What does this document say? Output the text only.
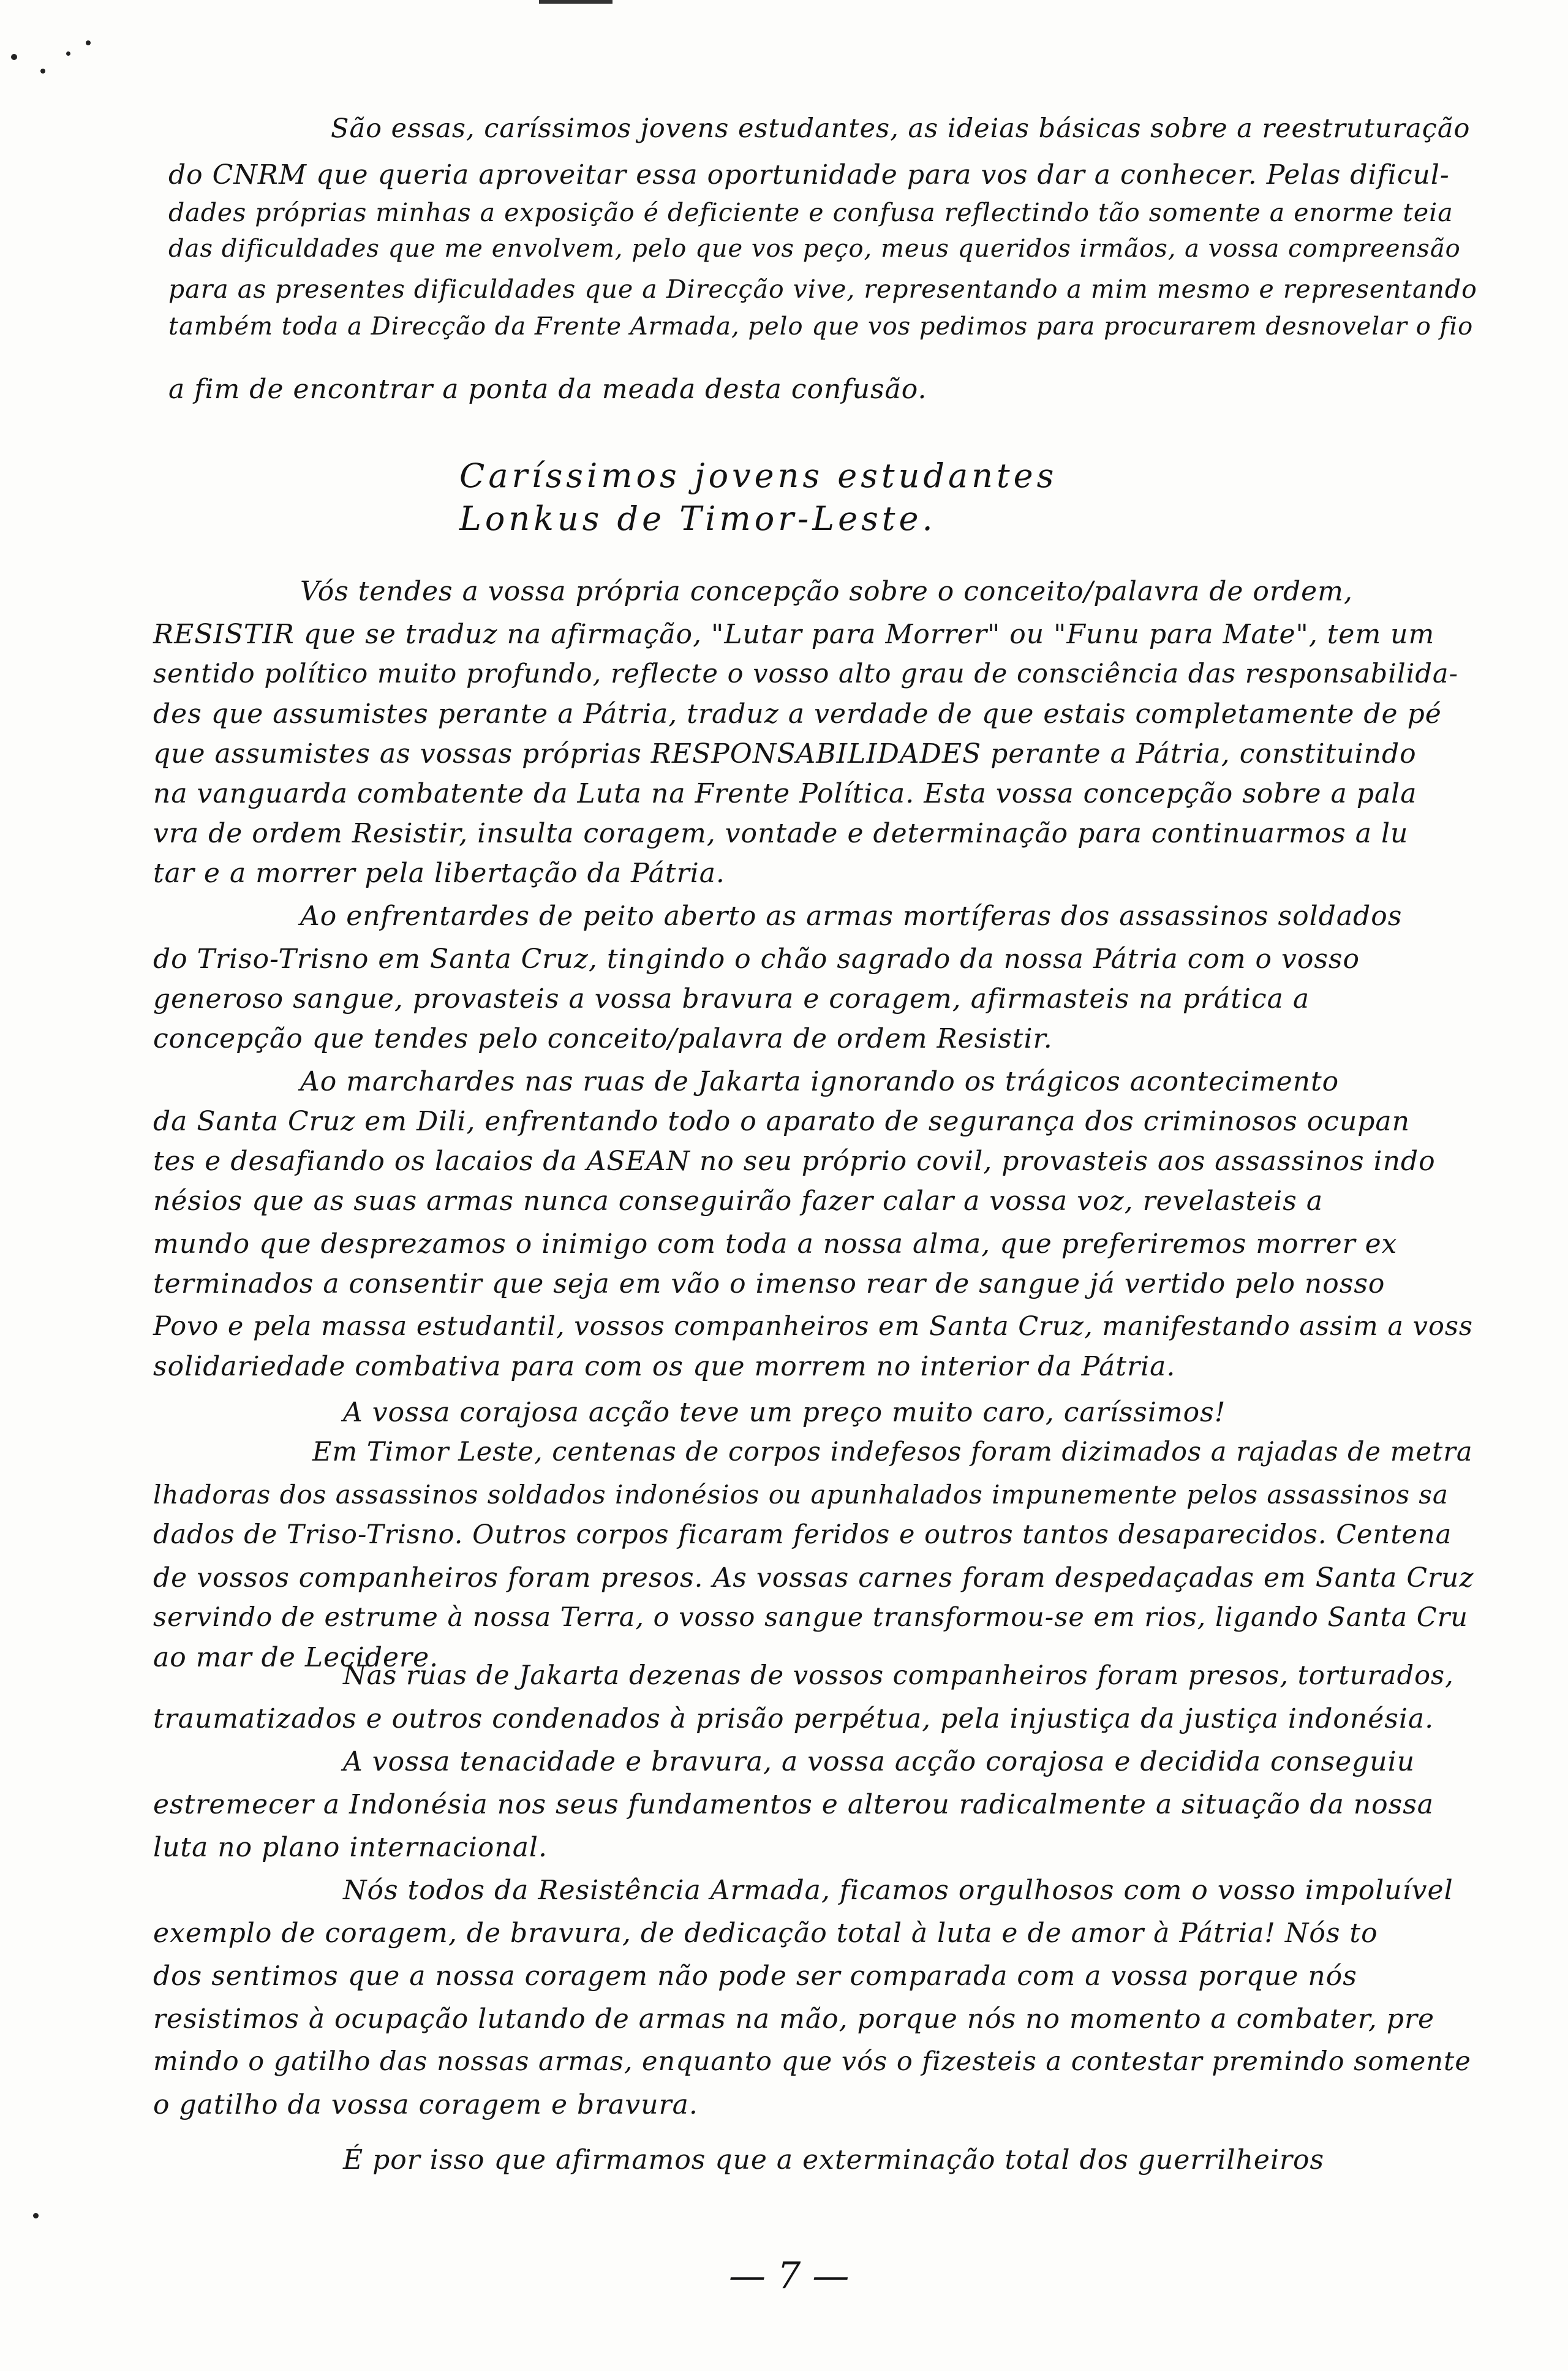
São essas, caríssimos jovens estudantes, as ideias básicas sobre a reestruturação
do CNRM que queria aproveitar essa oportunidade para vos dar a conhecer. Pelas dificul-
dades próprias minhas a exposição é deficiente e confusa reflectindo tão somente a enorme teia
das dificuldades que me envolvem, pelo que vos peço, meus queridos irmãos, a vossa compreensão
para as presentes dificuldades que a Direcção vive, representando a mim mesmo e representando
também toda a Direcção da Frente Armada, pelo que vos pedimos para procurarem desnovelar o fio
a fim de encontrar a ponta da meada desta confusão.
Caríssimos jovens estudantes
Lonkus de Timor-Leste.
Vós tendes a vossa própria concepção sobre o conceito/palavra de ordem,
RESISTIR que se traduz na afirmação, "Lutar para Morrer" ou "Funu para Mate", tem um
sentido político muito profundo, reflecte o vosso alto grau de consciência das responsabilida-
des que assumistes perante a Pátria, traduz a verdade de que estais completamente de pé
que assumistes as vossas próprias RESPONSABILIDADES perante a Pátria, constituindo
na vanguarda combatente da Luta na Frente Política. Esta vossa concepção sobre a pala
vra de ordem Resistir, insulta coragem, vontade e determinação para continuarmos a lu
tar e a morrer pela libertação da Pátria.
Ao enfrentardes de peito aberto as armas mortíferas dos assassinos soldados
do Triso-Trisno em Santa Cruz, tingindo o chão sagrado da nossa Pátria com o vosso
generoso sangue, provasteis a vossa bravura e coragem, afirmasteis na prática a
concepção que tendes pelo conceito/palavra de ordem Resistir.
Ao marchardes nas ruas de Jakarta ignorando os trágicos acontecimento
da Santa Cruz em Dili, enfrentando todo o aparato de segurança dos criminosos ocupan
tes e desafiando os lacaios da ASEAN no seu próprio covil, provasteis aos assassinos indo
nésios que as suas armas nunca conseguirão fazer calar a vossa voz, revelasteis a
mundo que desprezamos o inimigo com toda a nossa alma, que preferiremos morrer ex
terminados a consentir que seja em vão o imenso rear de sangue já vertido pelo nosso
Povo e pela massa estudantil, vossos companheiros em Santa Cruz, manifestando assim a voss
solidariedade combativa para com os que morrem no interior da Pátria.
A vossa corajosa acção teve um preço muito caro, caríssimos!
Em Timor Leste, centenas de corpos indefesos foram dizimados a rajadas de metra
lhadoras dos assassinos soldados indonésios ou apunhalados impunemente pelos assassinos sa
dados de Triso-Trisno. Outros corpos ficaram feridos e outros tantos desaparecidos. Centena
de vossos companheiros foram presos. As vossas carnes foram despedaçadas em Santa Cruz
servindo de estrume à nossa Terra, o vosso sangue transformou-se em rios, ligando Santa Cru
ao mar de Lecidere.
Nas ruas de Jakarta dezenas de vossos companheiros foram presos, torturados,
traumatizados e outros condenados à prisão perpétua, pela injustiça da justiça indonésia.
A vossa tenacidade e bravura, a vossa acção corajosa e decidida conseguiu
estremecer a Indonésia nos seus fundamentos e alterou radicalmente a situação da nossa
luta no plano internacional.
Nós todos da Resistência Armada, ficamos orgulhosos com o vosso impoluível
exemplo de coragem, de bravura, de dedicação total à luta e de amor à Pátria! Nós to
dos sentimos que a nossa coragem não pode ser comparada com a vossa porque nós
resistimos à ocupação lutando de armas na mão, porque nós no momento a combater, pre
mindo o gatilho das nossas armas, enquanto que vós o fizesteis a contestar premindo somente
o gatilho da vossa coragem e bravura.
É por isso que afirmamos que a exterminação total dos guerrilheiros
— 7 —
